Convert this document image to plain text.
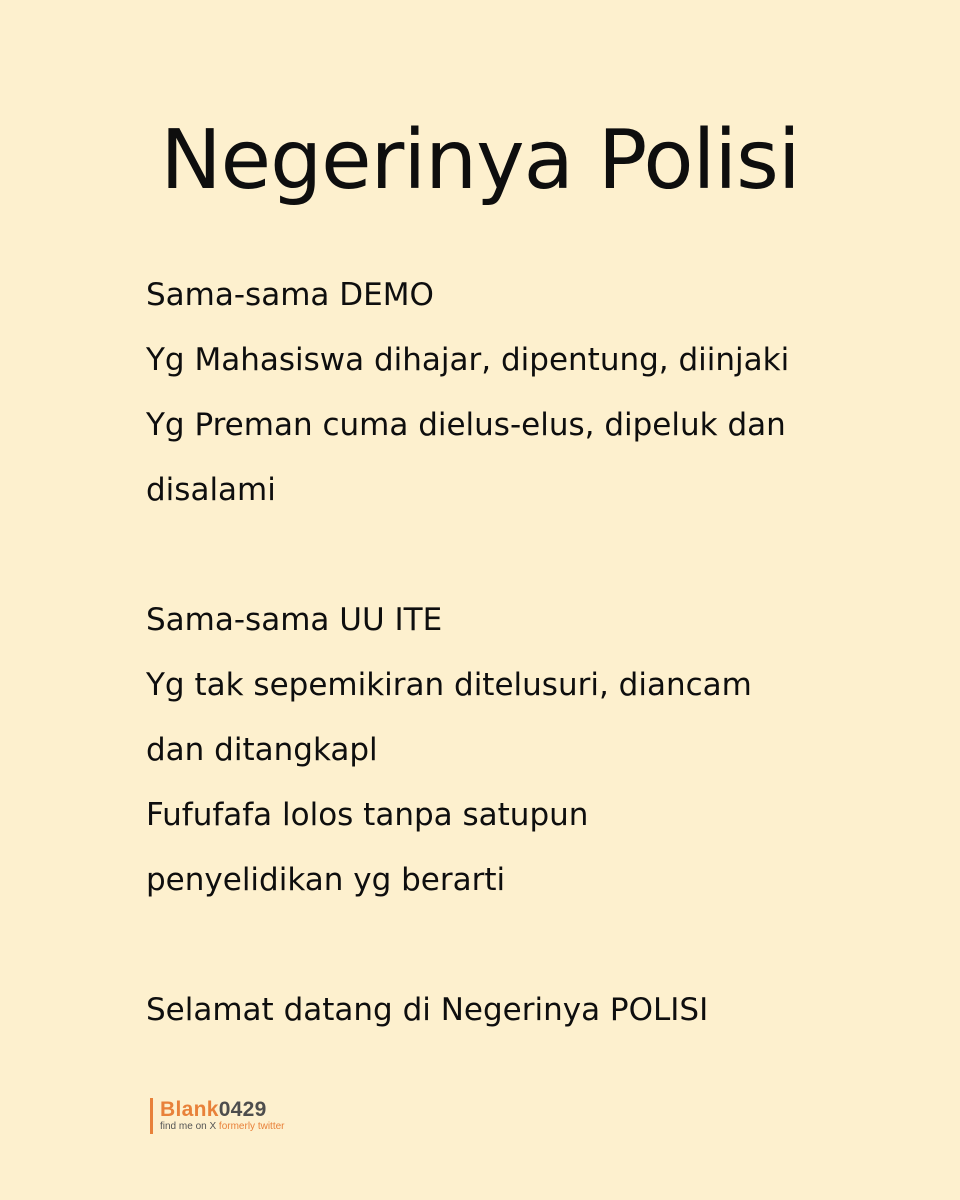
Negerinya Polisi
Sama-sama DEMO
Yg Mahasiswa dihajar, dipentung, diinjaki
Yg Preman cuma dielus-elus, dipeluk dan
disalami
Sama-sama UU ITE
Yg tak sepemikiran ditelusuri, diancam
dan ditangkapl
Fufufafa lolos tanpa satupun
penyelidikan yg berarti
Selamat datang di Negerinya POLISI
Blank0429
find me on X formerly twitter
